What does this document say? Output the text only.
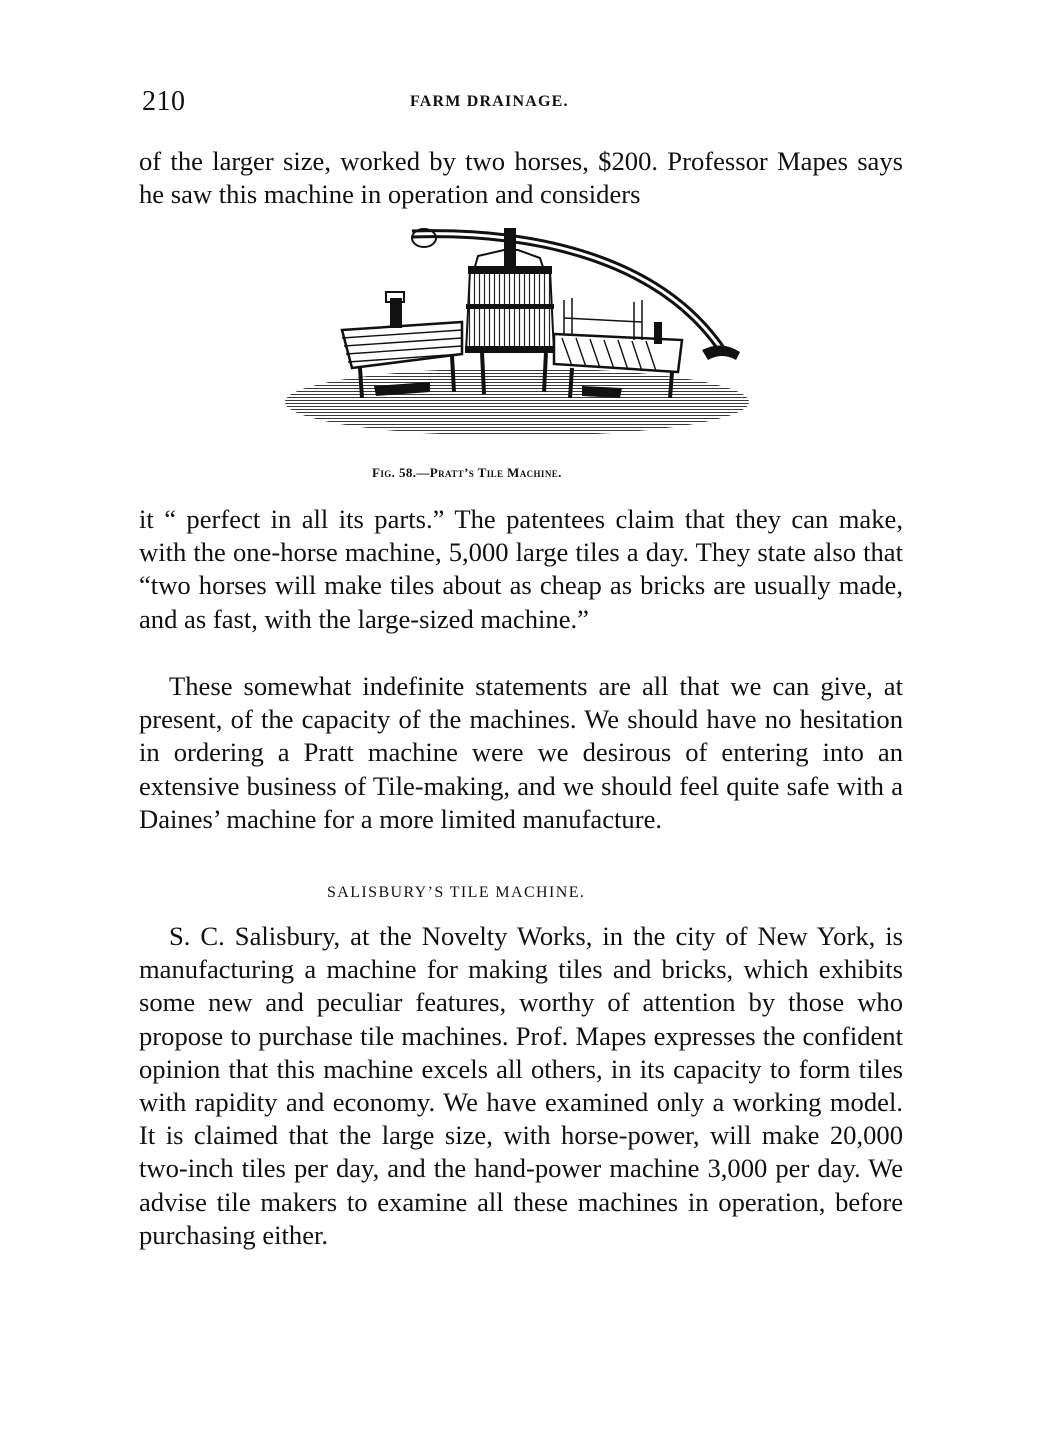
210	FARM DRAINAGE.

of the larger size, worked by two horses, $200. Professor Mapes says he saw this machine in operation and considers

Fig. 58.—Pratt’s Tile Machine.

it “ perfect in all its parts.” The patentees claim that they can make, with the one-horse machine, 5,000 large tiles a day. They state also that “two horses will make tiles about as cheap as bricks are usually made, and as fast, with the large-sized machine.”

These somewhat indefinite statements are all that we can give, at present, of the capacity of the machines. We should have no hesitation in ordering a Pratt machine were we desirous of entering into an extensive business of Tile-making, and we should feel quite safe with a Daines’ machine for a more limited manufacture.

SALISBURY’S TILE MACHINE.

S. C. Salisbury, at the Novelty Works, in the city of New York, is manufacturing a machine for making tiles and bricks, which exhibits some new and peculiar features, worthy of attention by those who propose to purchase tile machines. Prof. Mapes expresses the confident opinion that this machine excels all others, in its capacity to form tiles with rapidity and economy. We have examined only a working model. It is claimed that the large size, with horse-power, will make 20,000 two-inch tiles per day, and the hand-power machine 3,000 per day. We advise tile makers to examine all these machines in operation, before purchasing either.
